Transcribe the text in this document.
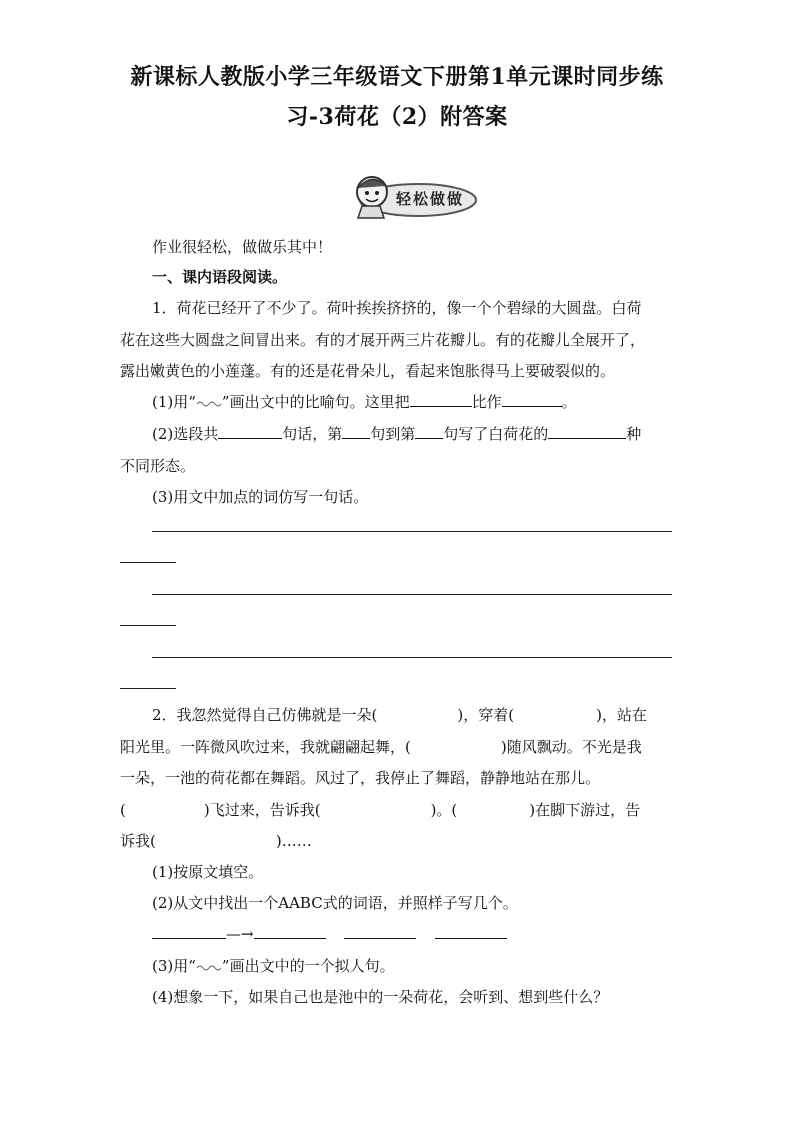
新课标人教版小学三年级语文下册第1单元课时同步练
习-3荷花（2）附答案
轻松做做
作业很轻松，做做乐其中！
一、课内语段阅读。
1．荷花已经开了不少了。荷叶挨挨挤挤的，像一个个碧绿的大圆盘。白荷
花在这些大圆盘之间冒出来。有的才展开两三片花瓣儿。有的花瓣儿全展开了，
露出嫩黄色的小莲蓬。有的还是花骨朵儿，看起来饱胀得马上要破裂似的。
(1)用“ ”画出文中的比喻句。这里把	比作	。
(2)选段共	句话，第 句到第 句写了白荷花的	种
不同形态。
(3)用文中加点的词仿写一句话。
2．我忽然觉得自己仿佛就是一朵(	)，穿着(	)，站在
阳光里。一阵微风吹过来，我就翩翩起舞，(	)随风飘动。不光是我
一朵，一池的荷花都在舞蹈。风过了，我停止了舞蹈，静静地站在那儿。
(	)飞过来，告诉我(	)。(	)在脚下游过，告
诉我(	)……
(1)按原文填空。
(2)从文中找出一个AABC式的词语，并照样子写几个。
—→
(3)用“ ”画出文中的一个拟人句。
(4)想象一下，如果自己也是池中的一朵荷花，会听到、想到些什么？
